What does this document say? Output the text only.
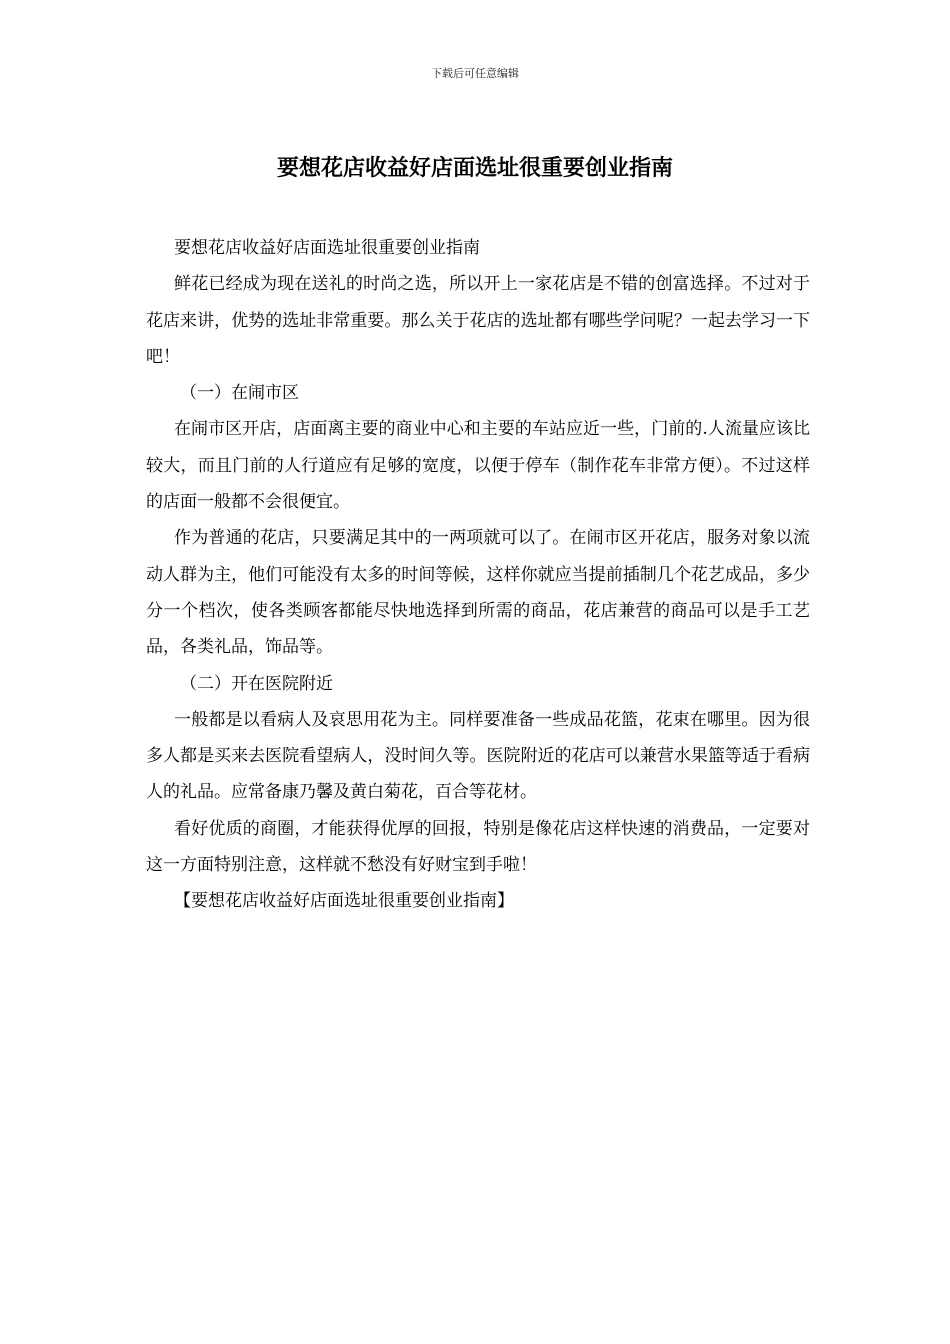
下载后可任意编辑
要想花店收益好店面选址很重要创业指南

要想花店收益好店面选址很重要创业指南

鲜花已经成为现在送礼的时尚之选，所以开上一家花店是不错的创富选择。不过对于花店来讲，优势的选址非常重要。那么关于花店的选址都有哪些学问呢？一起去学习一下吧！

（一）在闹市区

在闹市区开店，店面离主要的商业中心和主要的车站应近一些，门前的.人流量应该比较大，而且门前的人行道应有足够的宽度，以便于停车（制作花车非常方便）。不过这样的店面一般都不会很便宜。

作为普通的花店，只要满足其中的一两项就可以了。在闹市区开花店，服务对象以流动人群为主，他们可能没有太多的时间等候，这样你就应当提前插制几个花艺成品，多少分一个档次，使各类顾客都能尽快地选择到所需的商品，花店兼营的商品可以是手工艺品，各类礼品，饰品等。

（二）开在医院附近

一般都是以看病人及哀思用花为主。同样要准备一些成品花篮，花束在哪里。因为很多人都是买来去医院看望病人，没时间久等。医院附近的花店可以兼营水果篮等适于看病人的礼品。应常备康乃馨及黄白菊花，百合等花材。

看好优质的商圈，才能获得优厚的回报，特别是像花店这样快速的消费品，一定要对这一方面特别注意，这样就不愁没有好财宝到手啦！

【要想花店收益好店面选址很重要创业指南】
